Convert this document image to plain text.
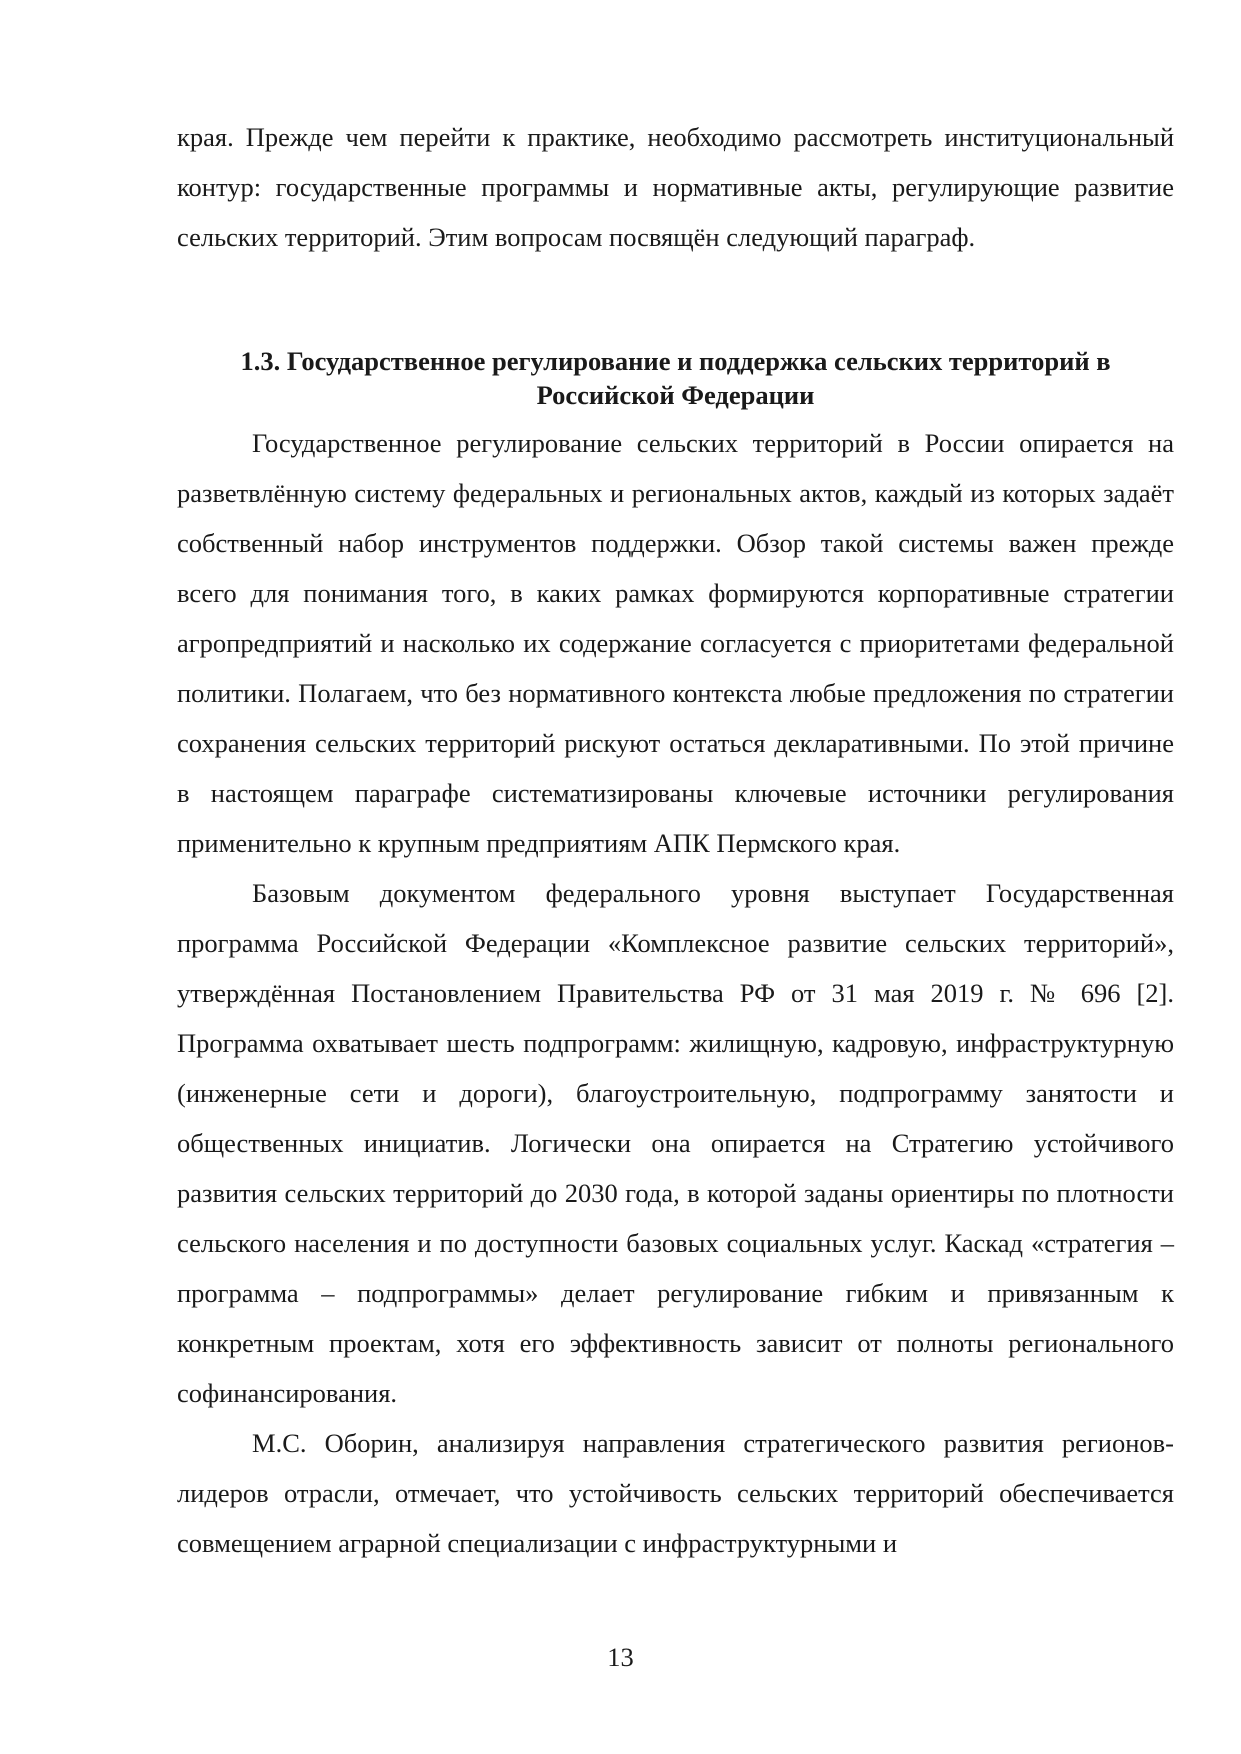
края. Прежде чем перейти к практике, необходимо рассмотреть институциональный контур: государственные программы и нормативные акты, регулирующие развитие сельских территорий. Этим вопросам посвящён следующий параграф.

1.3. Государственное регулирование и поддержка сельских территорий в Российской Федерации

Государственное регулирование сельских территорий в России опирается на разветвлённую систему федеральных и региональных актов, каждый из которых задаёт собственный набор инструментов поддержки. Обзор такой системы важен прежде всего для понимания того, в каких рамках формируются корпоративные стратегии агропредприятий и насколько их содержание согласуется с приоритетами федеральной политики. Полагаем, что без нормативного контекста любые предложения по стратегии сохранения сельских территорий рискуют остаться декларативными. По этой причине в настоящем параграфе систематизированы ключевые источники регулирования применительно к крупным предприятиям АПК Пермского края.

Базовым документом федерального уровня выступает Государственная программа Российской Федерации «Комплексное развитие сельских территорий», утверждённая Постановлением Правительства РФ от 31 мая 2019 г. № 696 [2]. Программа охватывает шесть подпрограмм: жилищную, кадровую, инфраструктурную (инженерные сети и дороги), благоустроительную, подпрограмму занятости и общественных инициатив. Логически она опирается на Стратегию устойчивого развития сельских территорий до 2030 года, в которой заданы ориентиры по плотности сельского населения и по доступности базовых социальных услуг. Каскад «стратегия – программа – подпрограммы» делает регулирование гибким и привязанным к конкретным проектам, хотя его эффективность зависит от полноты регионального софинансирования.

М.С. Оборин, анализируя направления стратегического развития регионов-лидеров отрасли, отмечает, что устойчивость сельских территорий обеспечивается совмещением аграрной специализации с инфраструктурными и

13
